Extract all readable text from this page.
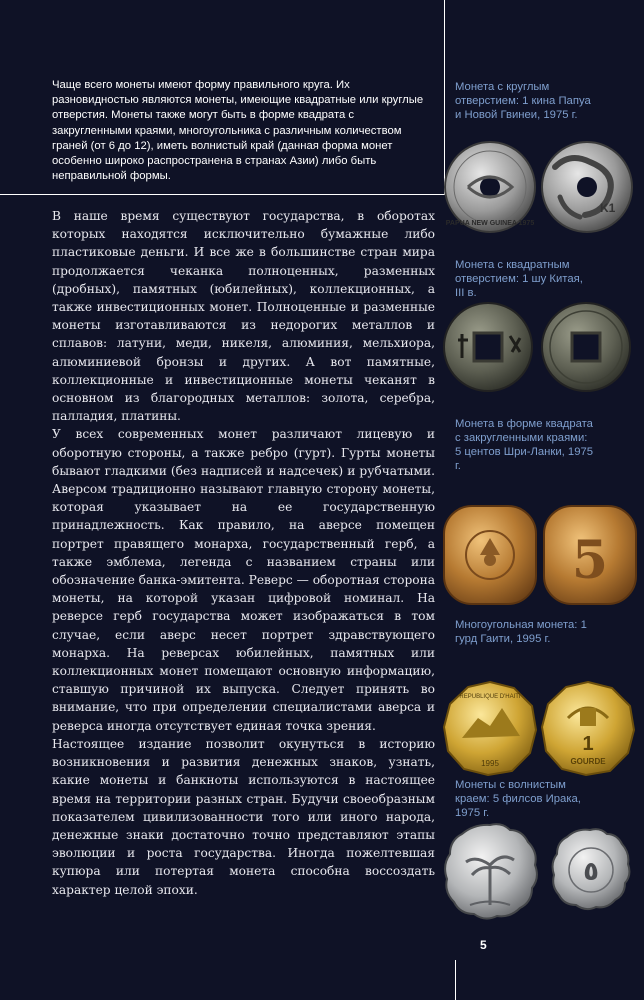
Чаще всего монеты имеют форму правильного круга. Их разновидностью являются монеты, имеющие квадратные или круглые отверстия. Монеты также могут быть в форме квадрата с закругленными краями, многоугольника с различным количеством граней (от 6 до 12), иметь волнистый край (данная форма монет особенно широко распространена в странах Азии) либо быть неправильной формы.

В наше время существуют государства, в оборотах которых находятся исключительно бумажные либо пластиковые деньги. И все же в большинстве стран мира продолжается чеканка полноценных, разменных (дробных), памятных (юбилейных), коллекционных, а также инвестиционных монет. Полноценные и разменные монеты изготавливаются из недорогих металлов и сплавов: латуни, меди, никеля, алюминия, мельхиора, алюминиевой бронзы и других. А вот памятные, коллекционные и инвестиционные монеты чеканят в основном из благородных металлов: золота, серебра, палладия, платины.

У всех современных монет различают лицевую и оборотную стороны, а также ребро (гурт). Гурты монеты бывают гладкими (без надписей и надсечек) и рубчатыми. Аверсом традиционно называют главную сторону монеты, которая указывает на ее государственную принадлежность. Как правило, на аверсе помещен портрет правящего монарха, государственный герб, а также эмблема, легенда с названием страны или обозначение банка-эмитента. Реверс — оборотная сторона монеты, на которой указан цифровой номинал. На реверсе герб государства может изображаться в том случае, если аверс несет портрет здравствующего монарха. На реверсах юбилейных, памятных или коллекционных монет помещают основную информацию, ставшую причиной их выпуска. Следует принять во внимание, что при определении специалистами аверса и реверса иногда отсутствует единая точка зрения.

Настоящее издание позволит окунуться в историю возникновения и развития денежных знаков, узнать, какие монеты и банкноты используются в настоящее время на территории разных стран. Будучи своеобразным показателем цивилизованности того или иного народа, денежные знаки достаточно точно представляют этапы эволюции и роста государства. Иногда пожелтевшая купюра или потертая монета способна воссоздать характер целой эпохи.

Монета с круглым отверстием: 1 кина Папуа и Новой Гвинеи, 1975 г.
PAPUA NEW GUINEA 1975
K1
Монета с квадратным отверстием: 1 шу Китая, III в.
Монета в форме квадрата с закругленными краями: 5 центов Шри-Ланки, 1975 г.
5
Многоугольная монета: 1 гурд Гаити, 1995 г.
REPUBLIQUE D'HAITI
1995
1
GOURDE
Монеты с волнистым краем: 5 филсов Ирака, 1975 г.
٥
5
